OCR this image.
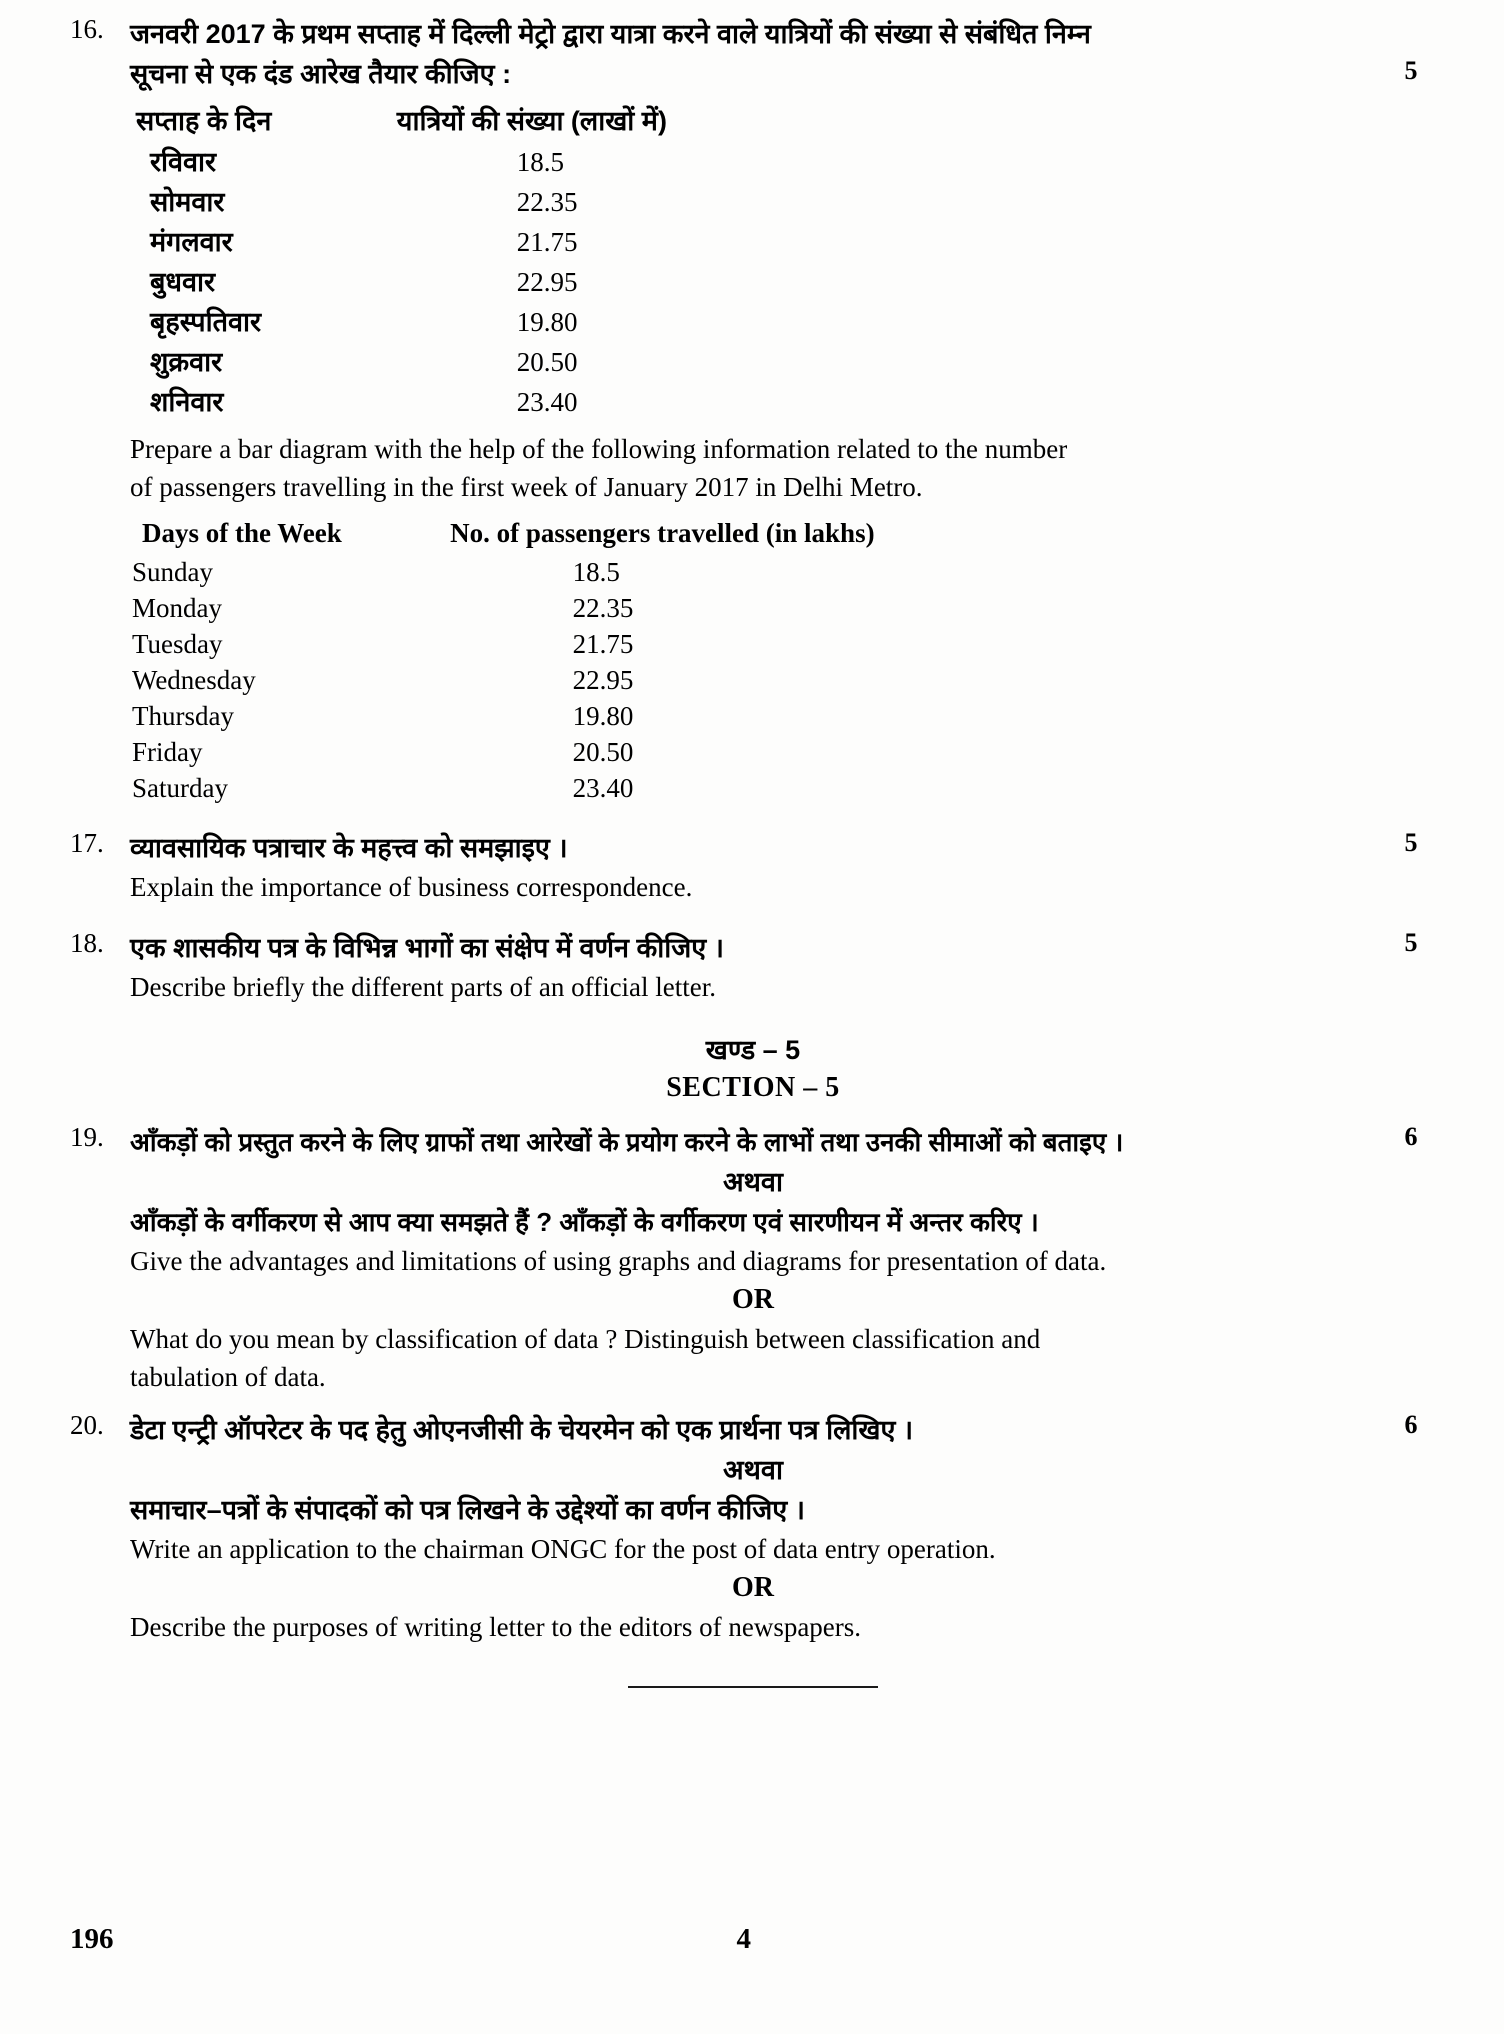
16. जनवरी 2017 के प्रथम सप्ताह में दिल्ली मेट्रो द्वारा यात्रा करने वाले यात्रियों की संख्या से संबंधित निम्न
सूचना से एक दंड आरेख तैयार कीजिए :
सप्ताह के दिन	यात्रियों की संख्या (लाखों में)
रविवार	18.5
सोमवार	22.35
मंगलवार	21.75
बुधवार	22.95
बृहस्पतिवार	19.80
शुक्रवार	20.50
शनिवार	23.40
Prepare a bar diagram with the help of the following information related to the number
of passengers travelling in the first week of January 2017 in Delhi Metro.
Days of the Week	No. of passengers travelled (in lakhs)
Sunday	18.5
Monday	22.35
Tuesday	21.75
Wednesday	22.95
Thursday	19.80
Friday	20.50
Saturday	23.40
5
17. व्यावसायिक पत्राचार के महत्त्व को समझाइए ।
Explain the importance of business correspondence.
5
18. एक शासकीय पत्र के विभिन्न भागों का संक्षेप में वर्णन कीजिए ।
Describe briefly the different parts of an official letter.
5
खण्ड – 5
SECTION – 5
19.	आँकड़ों को प्रस्तुत करने के लिए ग्राफों तथा आरेखों के प्रयोग करने के लाभों तथा उनकी सीमाओं को बताइए ।
अथवा
आँकड़ों के वर्गीकरण से आप क्या समझते हैं ? आँकड़ों के वर्गीकरण एवं सारणीयन में अन्तर करिए ।
Give the advantages and limitations of using graphs and diagrams for presentation of data.
OR
What do you mean by classification of data ? Distinguish between classification and
tabulation of data.
6
20. डेटा एन्ट्री ऑपरेटर के पद हेतु ओएनजीसी के चेयरमेन को एक प्रार्थना पत्र लिखिए ।
अथवा
समाचार–पत्रों के संपादकों को पत्र लिखने के उद्देश्यों का वर्णन कीजिए ।
Write an application to the chairman ONGC for the post of data entry operation.
OR
Describe the purposes of writing letter to the editors of newspapers.
6
196	4
